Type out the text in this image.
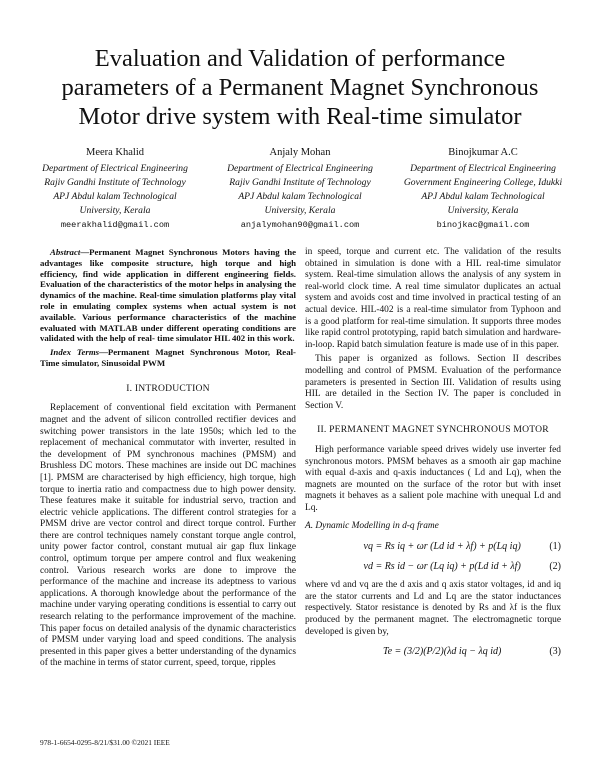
Evaluation and Validation of performance parameters of a Permanent Magnet Synchronous Motor drive system with Real-time simulator
Meera Khalid
Department of Electrical Engineering
Rajiv Gandhi Institute of Technology
APJ Abdul kalam Technological
University, Kerala
meerakhalid@gmail.com
Anjaly Mohan
Department of Electrical Engineering
Rajiv Gandhi Institute of Technology
APJ Abdul kalam Technological
University, Kerala
anjalymohan90@gmail.com
Binojkumar A.C
Department of Electrical Engineering
Government Engineering College, Idukki
APJ Abdul kalam Technological
University, Kerala
binojkac@gmail.com

Abstract—Permanent Magnet Synchronous Motors having the advantages like composite structure, high torque and high efficiency, find wide application in different engineering fields. Evaluation of the characteristics of the motor helps in analysing the dynamics of the machine. Real-time simulation platforms play vital role in emulating complex systems when actual system is not available. Various performance characteristics of the machine evaluated with MATLAB under different operating conditions are validated with the help of real- time simulator HIL 402 in this work.

Index Terms—Permanent Magnet Synchronous Motor, Real-Time simulator, Sinusoidal PWM

I. INTRODUCTION

Replacement of conventional field excitation with Permanent magnet and the advent of silicon controlled rectifier devices and switching power transistors in the late 1950s; which led to the replacement of mechanical commutator with inverter, resulted in the development of PM synchronous machines (PMSM) and Brushless DC motors. These machines are inside out DC machines [1]. PMSM are characterised by high efficiency, high torque, high torque to inertia ratio and compactness due to high power density. These features make it suitable for industrial servo, traction and electric vehicle applications. The different control strategies for a PMSM drive are vector control and direct torque control. Further there are control techniques namely constant torque angle control, unity power factor control, constant mutual air gap flux linkage control, optimum torque per ampere control and flux weakening control. Various research works are done to improve the performance of the machine and increase its adeptness to various applications. A thorough knowledge about the performance of the machine under varying operating conditions is essential to carry out research relating to the performance improvement of the machine. This paper focus on detailed analysis of the dynamic characteristics of PMSM under varying load and speed conditions. The analysis presented in this paper gives a better understanding of the dynamics of the machine in terms of stator current, speed, torque, ripples

in speed, torque and current etc. The validation of the results obtained in simulation is done with a HIL real-time simulator system. Real-time simulation allows the analysis of any system in real-world clock time. A real time simulator duplicates an actual system and avoids cost and time involved in practical testing of an actual device. HIL-402 is a real-time simulator from Typhoon and is a good platform for real-time simulation. It supports three modes like rapid control prototyping, rapid batch simulation and hardware-in-loop. Rapid batch simulation feature is made use of in this paper.

This paper is organized as follows. Section II describes modelling and control of PMSM. Evaluation of the performance parameters is presented in Section III. Validation of results using HIL are detailed in the Section IV. The paper is concluded in Section V.

II. PERMANENT MAGNET SYNCHRONOUS MOTOR

High performance variable speed drives widely use inverter fed synchronous motors. PMSM behaves as a smooth air gap machine with equal d-axis and q-axis inductances ( Ld and Lq), when the magnets are mounted on the surface of the rotor but with inset magnets it behaves as a salient pole machine with unequal Ld and Lq.

A. Dynamic Modelling in d-q frame
vq = Rs iq + ωr (Ld id + λf) + p(Lq iq)	(1)
vd = Rs id − ωr (Lq iq) + p(Ld id + λf)	(2)

where vd and vq are the d axis and q axis stator voltages, id and iq are the stator currents and Ld and Lq are the stator inductances respectively. Stator resistance is denoted by Rs and λf is the flux produced by the permanent magnet. The electromagnetic torque developed is given by,

Te = (3/2)(P/2)(λd iq − λq id)	(3)
978-1-6654-0295-8/21/$31.00 ©2021 IEEE
